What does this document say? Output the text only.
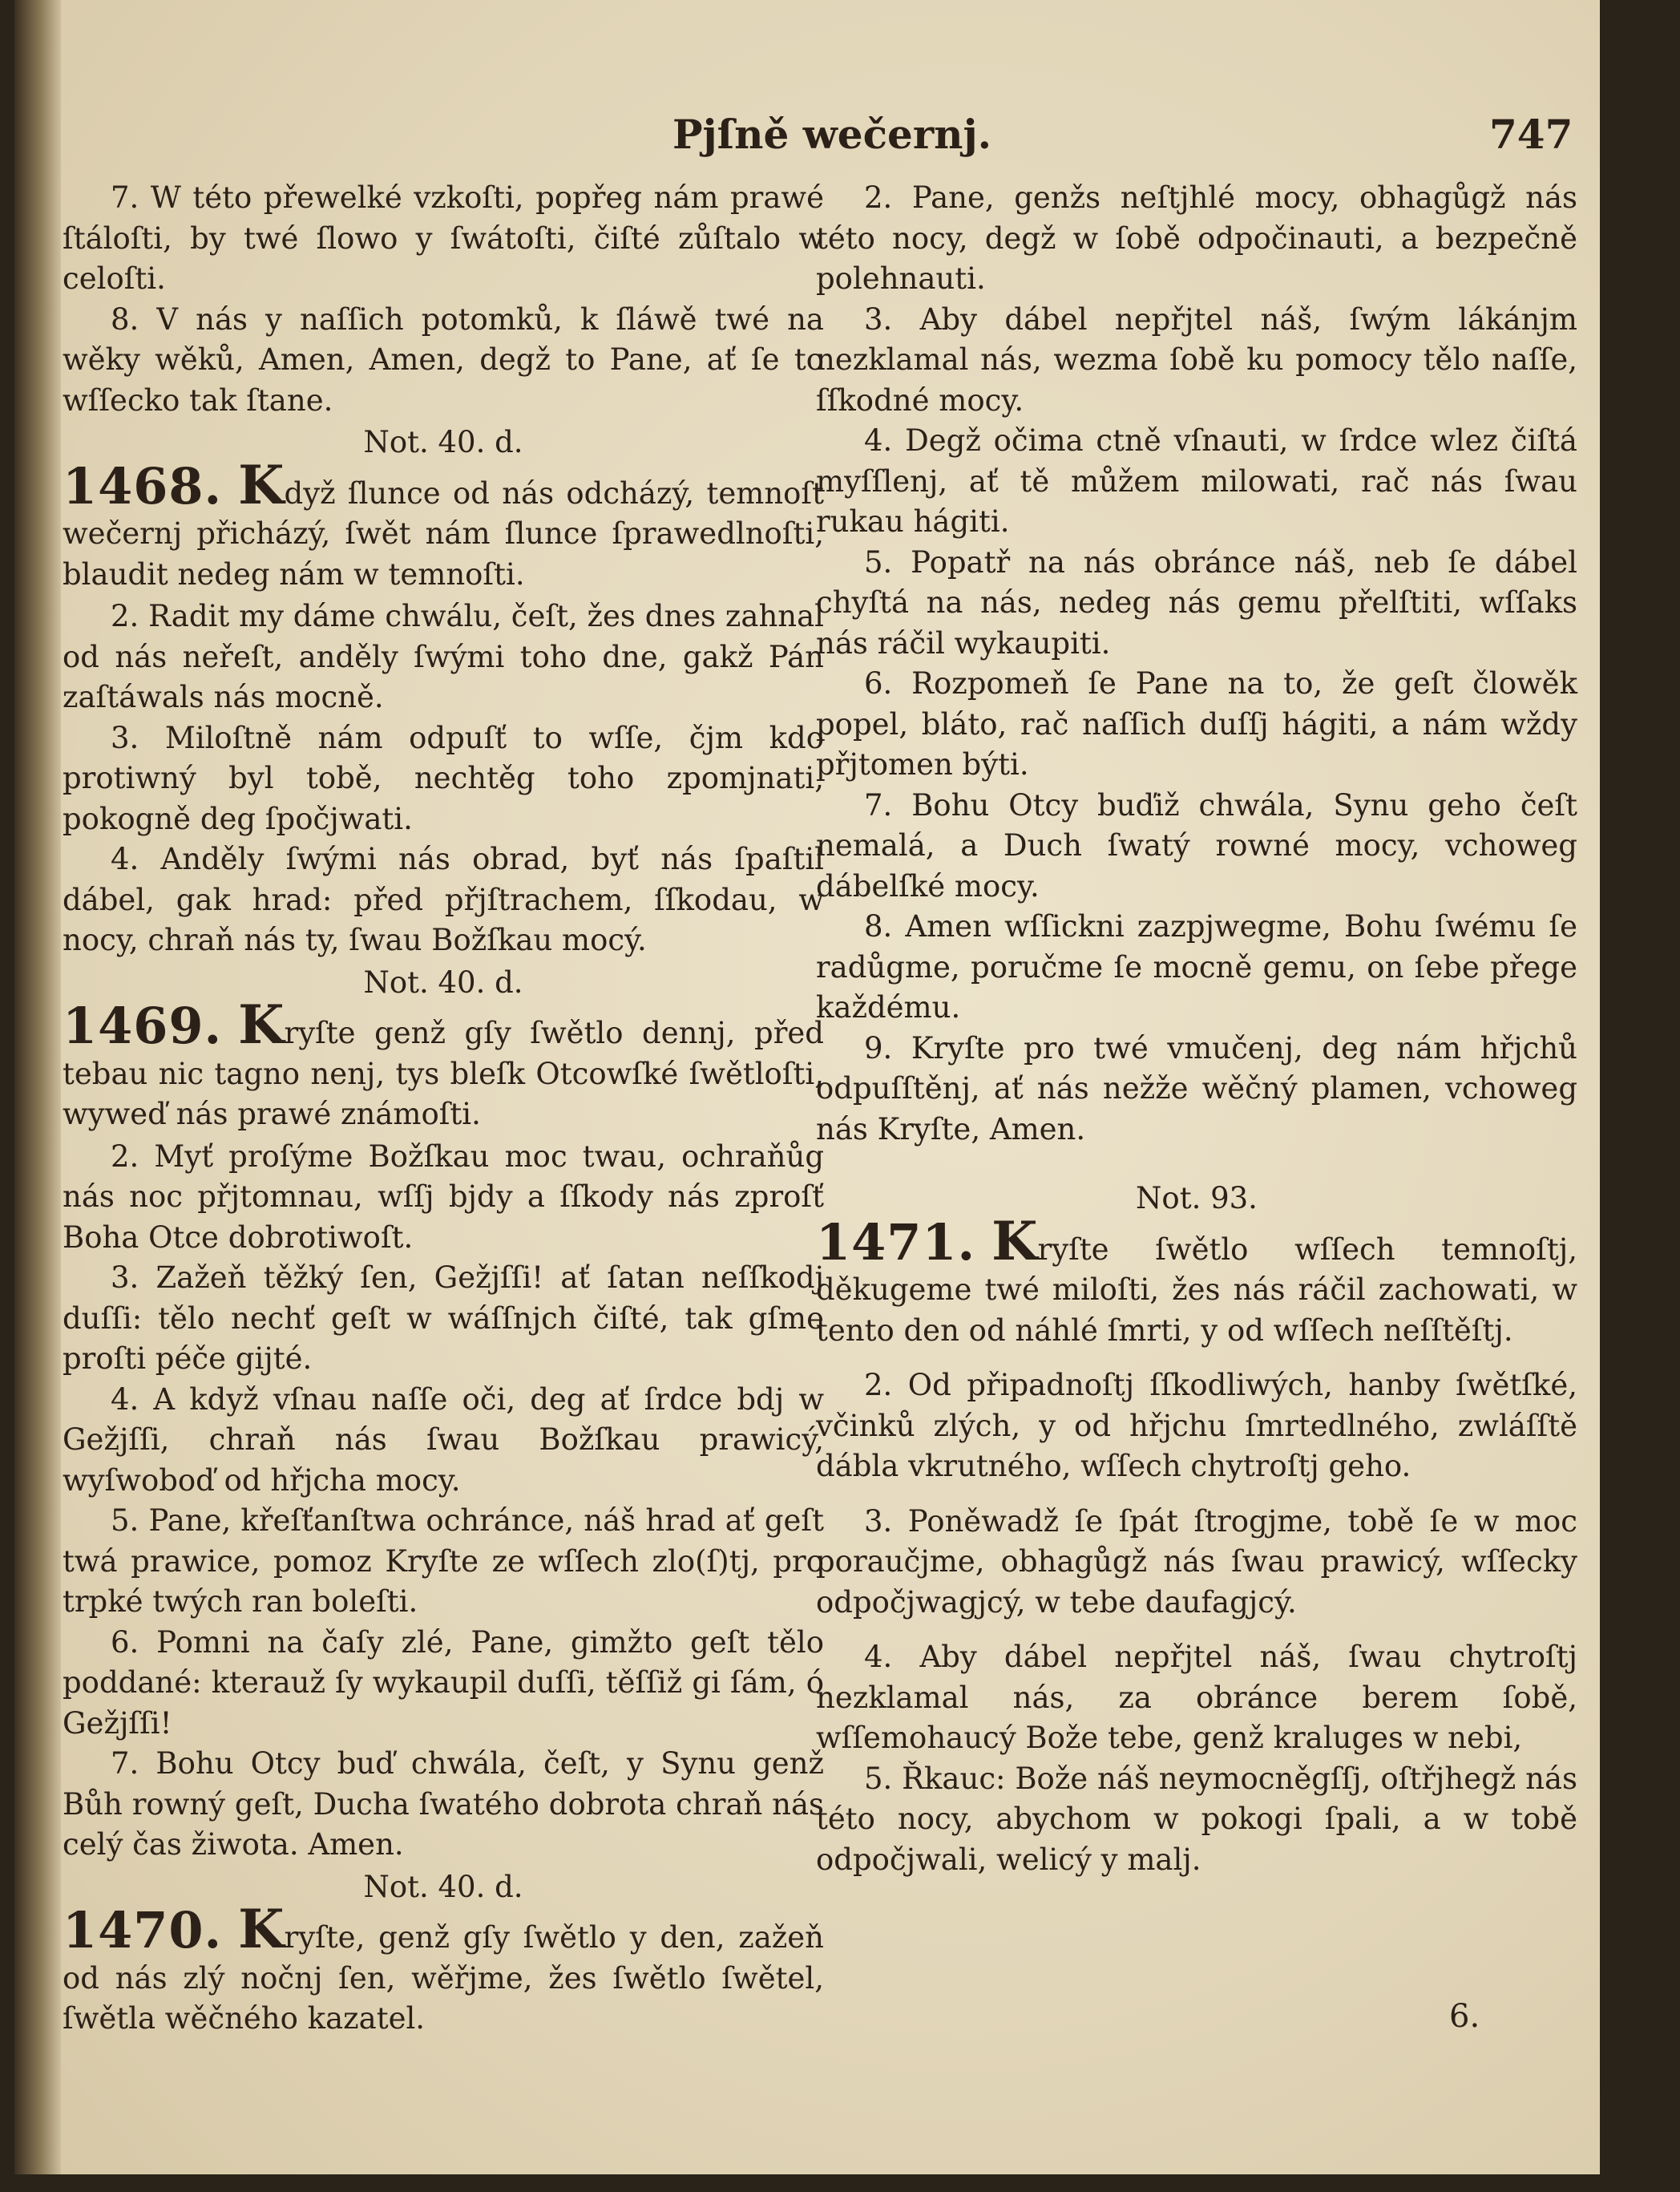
Pjſně wečernj.	747

7. W této přewelké vzkoſti, popřeg nám prawé ſtáloſti, by twé ſlowo y ſwátoſti, čiſté zůſtalo w celoſti.

8. V nás y naſſich potomků, k ſláwě twé na wěky wěků, Amen, Amen, degž to Pane, ať ſe to wſſecko tak ſtane.

Not. 40. d.

1468. Když ſlunce od nás odcházý, temnoſt wečernj přicházý, ſwět nám ſlunce ſprawedlnoſti, blaudit nedeg nám w temnoſti.

2. Radit my dáme chwálu, čeſt, žes dnes zahnal od nás neřeſt, anděly ſwými toho dne, gakž Pán zaſtáwals nás mocně.

3. Miloſtně nám odpuſť to wſſe, čjm kdo protiwný byl tobě, nechtěg toho zpomjnati, pokogně deg ſpočjwati.

4. Anděly ſwými nás obrad, byť nás ſpaſtil dábel, gak hrad: před přjſtrachem, ſſkodau, w nocy, chraň nás ty, ſwau Božſkau mocý.

Not. 40. d.

1469. Kryſte genž gſy ſwětlo dennj, před tebau nic tagno nenj, tys bleſk Otcowſké ſwětloſti, wyweď nás prawé známoſti.

2. Myť proſýme Božſkau moc twau, ochraňůg nás noc přjtomnau, wſſj bjdy a ſſkody nás zproſť Boha Otce dobrotiwoſt.

3. Zažeň těžký ſen, Gežjſſi! ať ſatan neſſkodj duſſi: tělo nechť geſt w wáſſnjch čiſté, tak gſme proſti péče gijté.

4. A když vſnau naſſe oči, deg ať ſrdce bdj w Gežjſſi, chraň nás ſwau Božſkau prawicý, wyſwoboď od hřjcha mocy.

5. Pane, křeſťanſtwa ochránce, náš hrad ať geſt twá prawice, pomoz Kryſte ze wſſech zlo(ſ)tj, pro trpké twých ran boleſti.

6. Pomni na čaſy zlé, Pane, gimžto geſt tělo poddané: kterauž ſy wykaupil duſſi, těſſiž gi ſám, ó Gežjſſi!

7. Bohu Otcy buď chwála, čeſt, y Synu genž Bůh rowný geſt, Ducha ſwatého dobrota chraň nás celý čas žiwota. Amen.

Not. 40. d.

1470. Kryſte, genž gſy ſwětlo y den, zažeň od nás zlý nočnj ſen, wěřjme, žes ſwětlo ſwětel, ſwětla wěčného kazatel.

2. Pane, genžs neſtjhlé mocy, obhagůgž nás této nocy, degž w ſobě odpočinauti, a bezpečně polehnauti.

3. Aby dábel nepřjtel náš, ſwým lákánjm nezklamal nás, wezma ſobě ku pomocy tělo naſſe, ſſkodné mocy.

4. Degž očima ctně vſnauti, w ſrdce wlez čiſtá myſſlenj, ať tě můžem milowati, rač nás ſwau rukau hágiti.

5. Popatř na nás obránce náš, neb ſe dábel chyſtá na nás, nedeg nás gemu přelſtiti, wſſaks nás ráčil wykaupiti.

6. Rozpomeň ſe Pane na to, že geſt člowěk popel, bláto, rač naſſich duſſj hágiti, a nám wždy přjtomen býti.

7. Bohu Otcy buďiž chwála, Synu geho čeſt nemalá, a Duch ſwatý rowné mocy, vchoweg dábelſké mocy.

8. Amen wſſickni zazpjwegme, Bohu ſwému ſe radůgme, poručme ſe mocně gemu, on ſebe přege každému.

9. Kryſte pro twé vmučenj, deg nám hřjchů odpuſſtěnj, ať nás nežže wěčný plamen, vchoweg nás Kryſte, Amen.

Not. 93.

1471. Kryſte ſwětlo wſſech temnoſtj, děkugeme twé miloſti, žes nás ráčil zachowati, w tento den od náhlé ſmrti, y od wſſech neſſtěſtj.

2. Od připadnoſtj ſſkodliwých, hanby ſwětſké, včinků zlých, y od hřjchu ſmrtedlného, zwláſſtě dábla vkrutného, wſſech chytroſtj geho.

3. Poněwadž ſe ſpát ſtrogjme, tobě ſe w moc poraučjme, obhagůgž nás ſwau prawicý, wſſecky odpočjwagjcý, w tebe daufagjcý.

4. Aby dábel nepřjtel náš, ſwau chytroſtj nezklamal nás, za obránce berem ſobě, wſſemohaucý Bože tebe, genž kraluges w nebi,

5. Řkauc: Bože náš neymocněgſſj, oſtřjhegž nás této nocy, abychom w pokogi ſpali, a w tobě odpočjwali, welicý y malj.

6.
